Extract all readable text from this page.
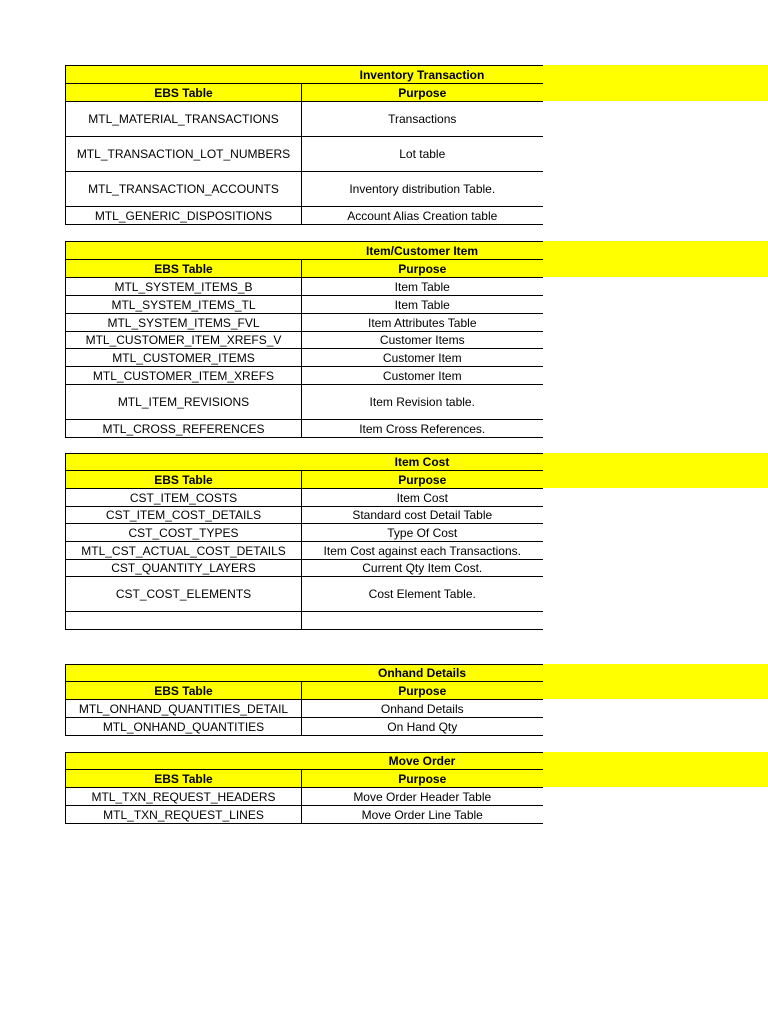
	Inventory Transaction
EBS Table	Purpose
MTL_MATERIAL_TRANSACTIONS	Transactions
MTL_TRANSACTION_LOT_NUMBERS	Lot table
MTL_TRANSACTION_ACCOUNTS	Inventory distribution Table.
MTL_GENERIC_DISPOSITIONS	Account Alias Creation table
	Item/Customer Item
EBS Table	Purpose
MTL_SYSTEM_ITEMS_B	Item Table
MTL_SYSTEM_ITEMS_TL	Item Table
MTL_SYSTEM_ITEMS_FVL	Item Attributes Table
MTL_CUSTOMER_ITEM_XREFS_V	Customer Items
MTL_CUSTOMER_ITEMS	Customer Item
MTL_CUSTOMER_ITEM_XREFS	Customer Item
MTL_ITEM_REVISIONS	Item Revision table.
MTL_CROSS_REFERENCES	Item Cross References.
	Item Cost
EBS Table	Purpose
CST_ITEM_COSTS	Item Cost
CST_ITEM_COST_DETAILS	Standard cost Detail Table
CST_COST_TYPES	Type Of Cost
MTL_CST_ACTUAL_COST_DETAILS	Item Cost against each Transactions.
CST_QUANTITY_LAYERS	Current Qty Item Cost.
CST_COST_ELEMENTS	Cost Element Table.

	Onhand Details
EBS Table	Purpose
MTL_ONHAND_QUANTITIES_DETAIL	Onhand Details
MTL_ONHAND_QUANTITIES	On Hand Qty
	Move Order
EBS Table	Purpose
MTL_TXN_REQUEST_HEADERS	Move Order Header Table
MTL_TXN_REQUEST_LINES	Move Order Line Table
